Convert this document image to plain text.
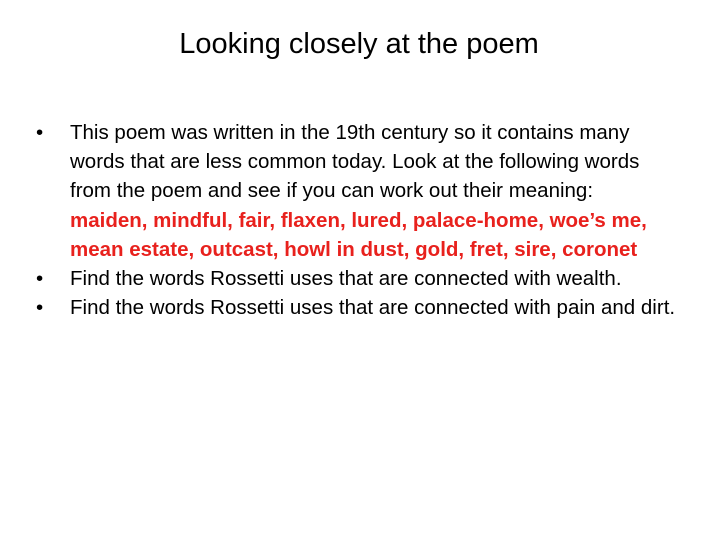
Looking closely at the poem
•	This poem was written in the 19th century so it contains many words that are less common today. Look at the following words from the poem and see if you can work out their meaning: maiden, mindful, fair, flaxen, lured, palace-home, woe’s me, mean estate, outcast, howl in dust, gold, fret, sire, coronet
•	Find the words Rossetti uses that are connected with wealth.
•	Find the words Rossetti uses that are connected with pain and dirt.
